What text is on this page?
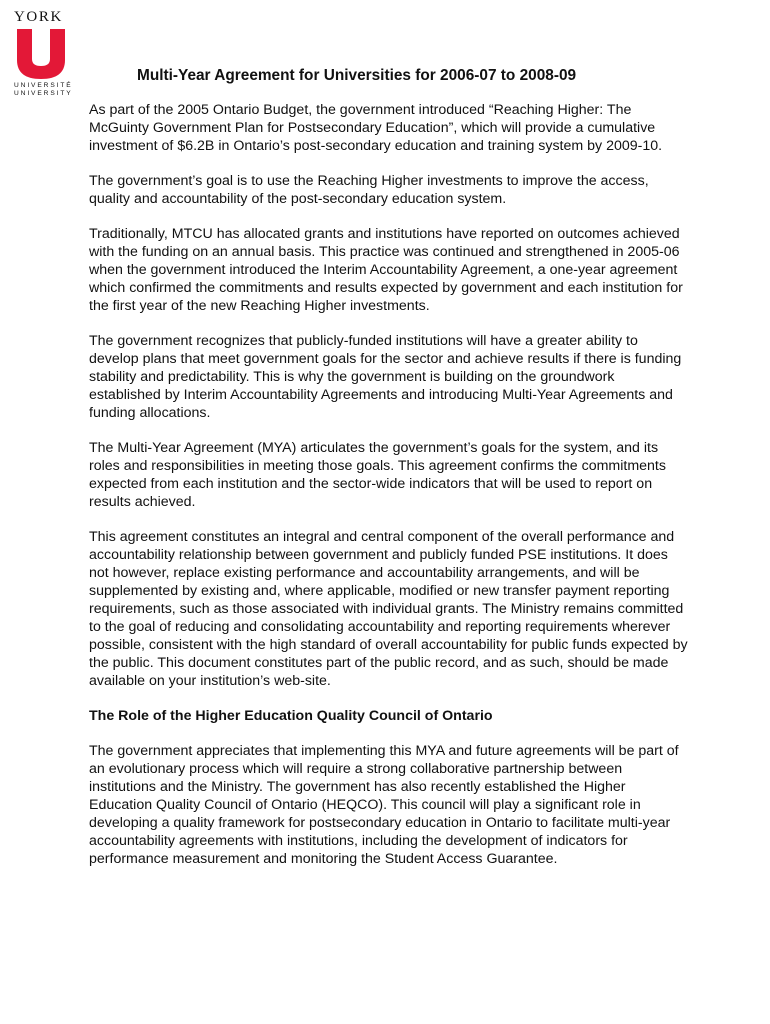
YORK
UNIVERSITÉ
UNIVERSITY
Multi-Year Agreement for Universities for 2006-07 to 2008-09

As part of the 2005 Ontario Budget, the government introduced “Reaching Higher: The McGuinty Government Plan for Postsecondary Education”, which will provide a cumulative investment of $6.2B in Ontario’s post-secondary education and training system by 2009-10.

The government’s goal is to use the Reaching Higher investments to improve the access, quality and accountability of the post-secondary education system.

Traditionally, MTCU has allocated grants and institutions have reported on outcomes achieved with the funding on an annual basis. This practice was continued and strengthened in 2005-06 when the government introduced the Interim Accountability Agreement, a one-year agreement which confirmed the commitments and results expected by government and each institution for the first year of the new Reaching Higher investments.

The government recognizes that publicly-funded institutions will have a greater ability to develop plans that meet government goals for the sector and achieve results if there is funding stability and predictability. This is why the government is building on the groundwork established by Interim Accountability Agreements and introducing Multi-Year Agreements and funding allocations.

The Multi-Year Agreement (MYA) articulates the government’s goals for the system, and its roles and responsibilities in meeting those goals. This agreement confirms the commitments expected from each institution and the sector-wide indicators that will be used to report on results achieved.

This agreement constitutes an integral and central component of the overall performance and accountability relationship between government and publicly funded PSE institutions. It does not however, replace existing performance and accountability arrangements, and will be supplemented by existing and, where applicable, modified or new transfer payment reporting requirements, such as those associated with individual grants. The Ministry remains committed to the goal of reducing and consolidating accountability and reporting requirements wherever possible, consistent with the high standard of overall accountability for public funds expected by the public. This document constitutes part of the public record, and as such, should be made available on your institution’s web-site.

The Role of the Higher Education Quality Council of Ontario

The government appreciates that implementing this MYA and future agreements will be part of an evolutionary process which will require a strong collaborative partnership between institutions and the Ministry. The government has also recently established the Higher Education Quality Council of Ontario (HEQCO). This council will play a significant role in developing a quality framework for postsecondary education in Ontario to facilitate multi-year accountability agreements with institutions, including the development of indicators for performance measurement and monitoring the Student Access Guarantee.
